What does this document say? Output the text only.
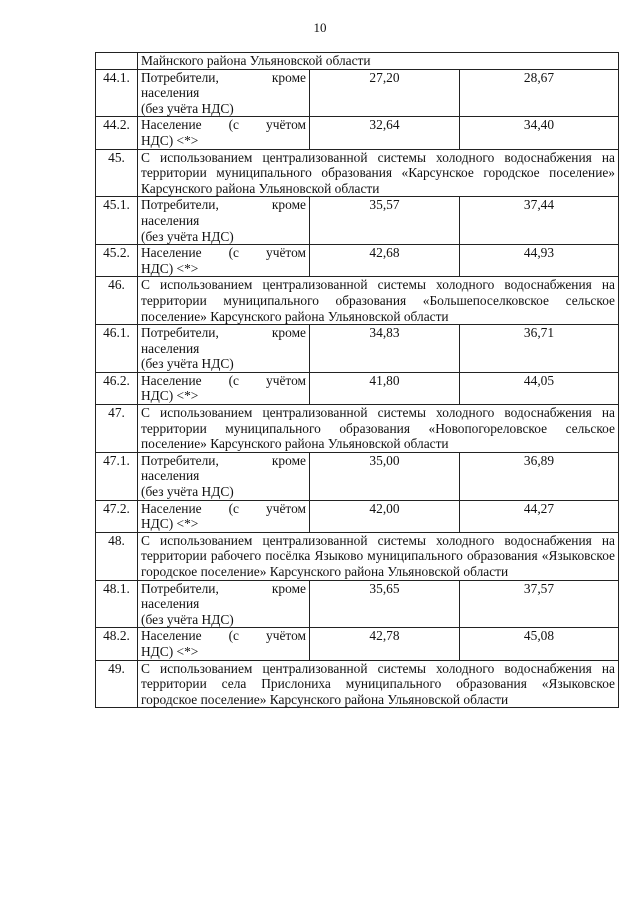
10
	Майнского района Ульяновской области		
44.1.	Потребители, кроме
населения
(без учёта НДС)	27,20	28,67
44.2.	Население (с учётом
НДС) <*>	32,64	34,40
45.	С использованием централизованной системы холодного водоснабжения на территории муниципального образования «Карсунское городское поселение» Карсунского района Ульяновской области		
45.1.	Потребители, кроме
населения
(без учёта НДС)	35,57	37,44
45.2.	Население (с учётом
НДС) <*>	42,68	44,93
46.	С использованием централизованной системы холодного водоснабжения на территории муниципального образования «Большепоселковское сельское поселение» Карсунского района Ульяновской области		
46.1.	Потребители, кроме
населения
(без учёта НДС)	34,83	36,71
46.2.	Население (с учётом
НДС) <*>	41,80	44,05
47.	С использованием централизованной системы холодного водоснабжения на территории муниципального образования «Новопогореловское сельское поселение» Карсунского района Ульяновской области		
47.1.	Потребители, кроме
населения
(без учёта НДС)	35,00	36,89
47.2.	Население (с учётом
НДС) <*>	42,00	44,27
48.	С использованием централизованной системы холодного водоснабжения на территории рабочего посёлка Языково муниципального образования «Языковское городское поселение» Карсунского района Ульяновской области		
48.1.	Потребители, кроме
населения
(без учёта НДС)	35,65	37,57
48.2.	Население (с учётом
НДС) <*>	42,78	45,08
49.	С использованием централизованной системы холодного водоснабжения на территории села Прислониха муниципального образования «Языковское городское поселение» Карсунского района Ульяновской области		
